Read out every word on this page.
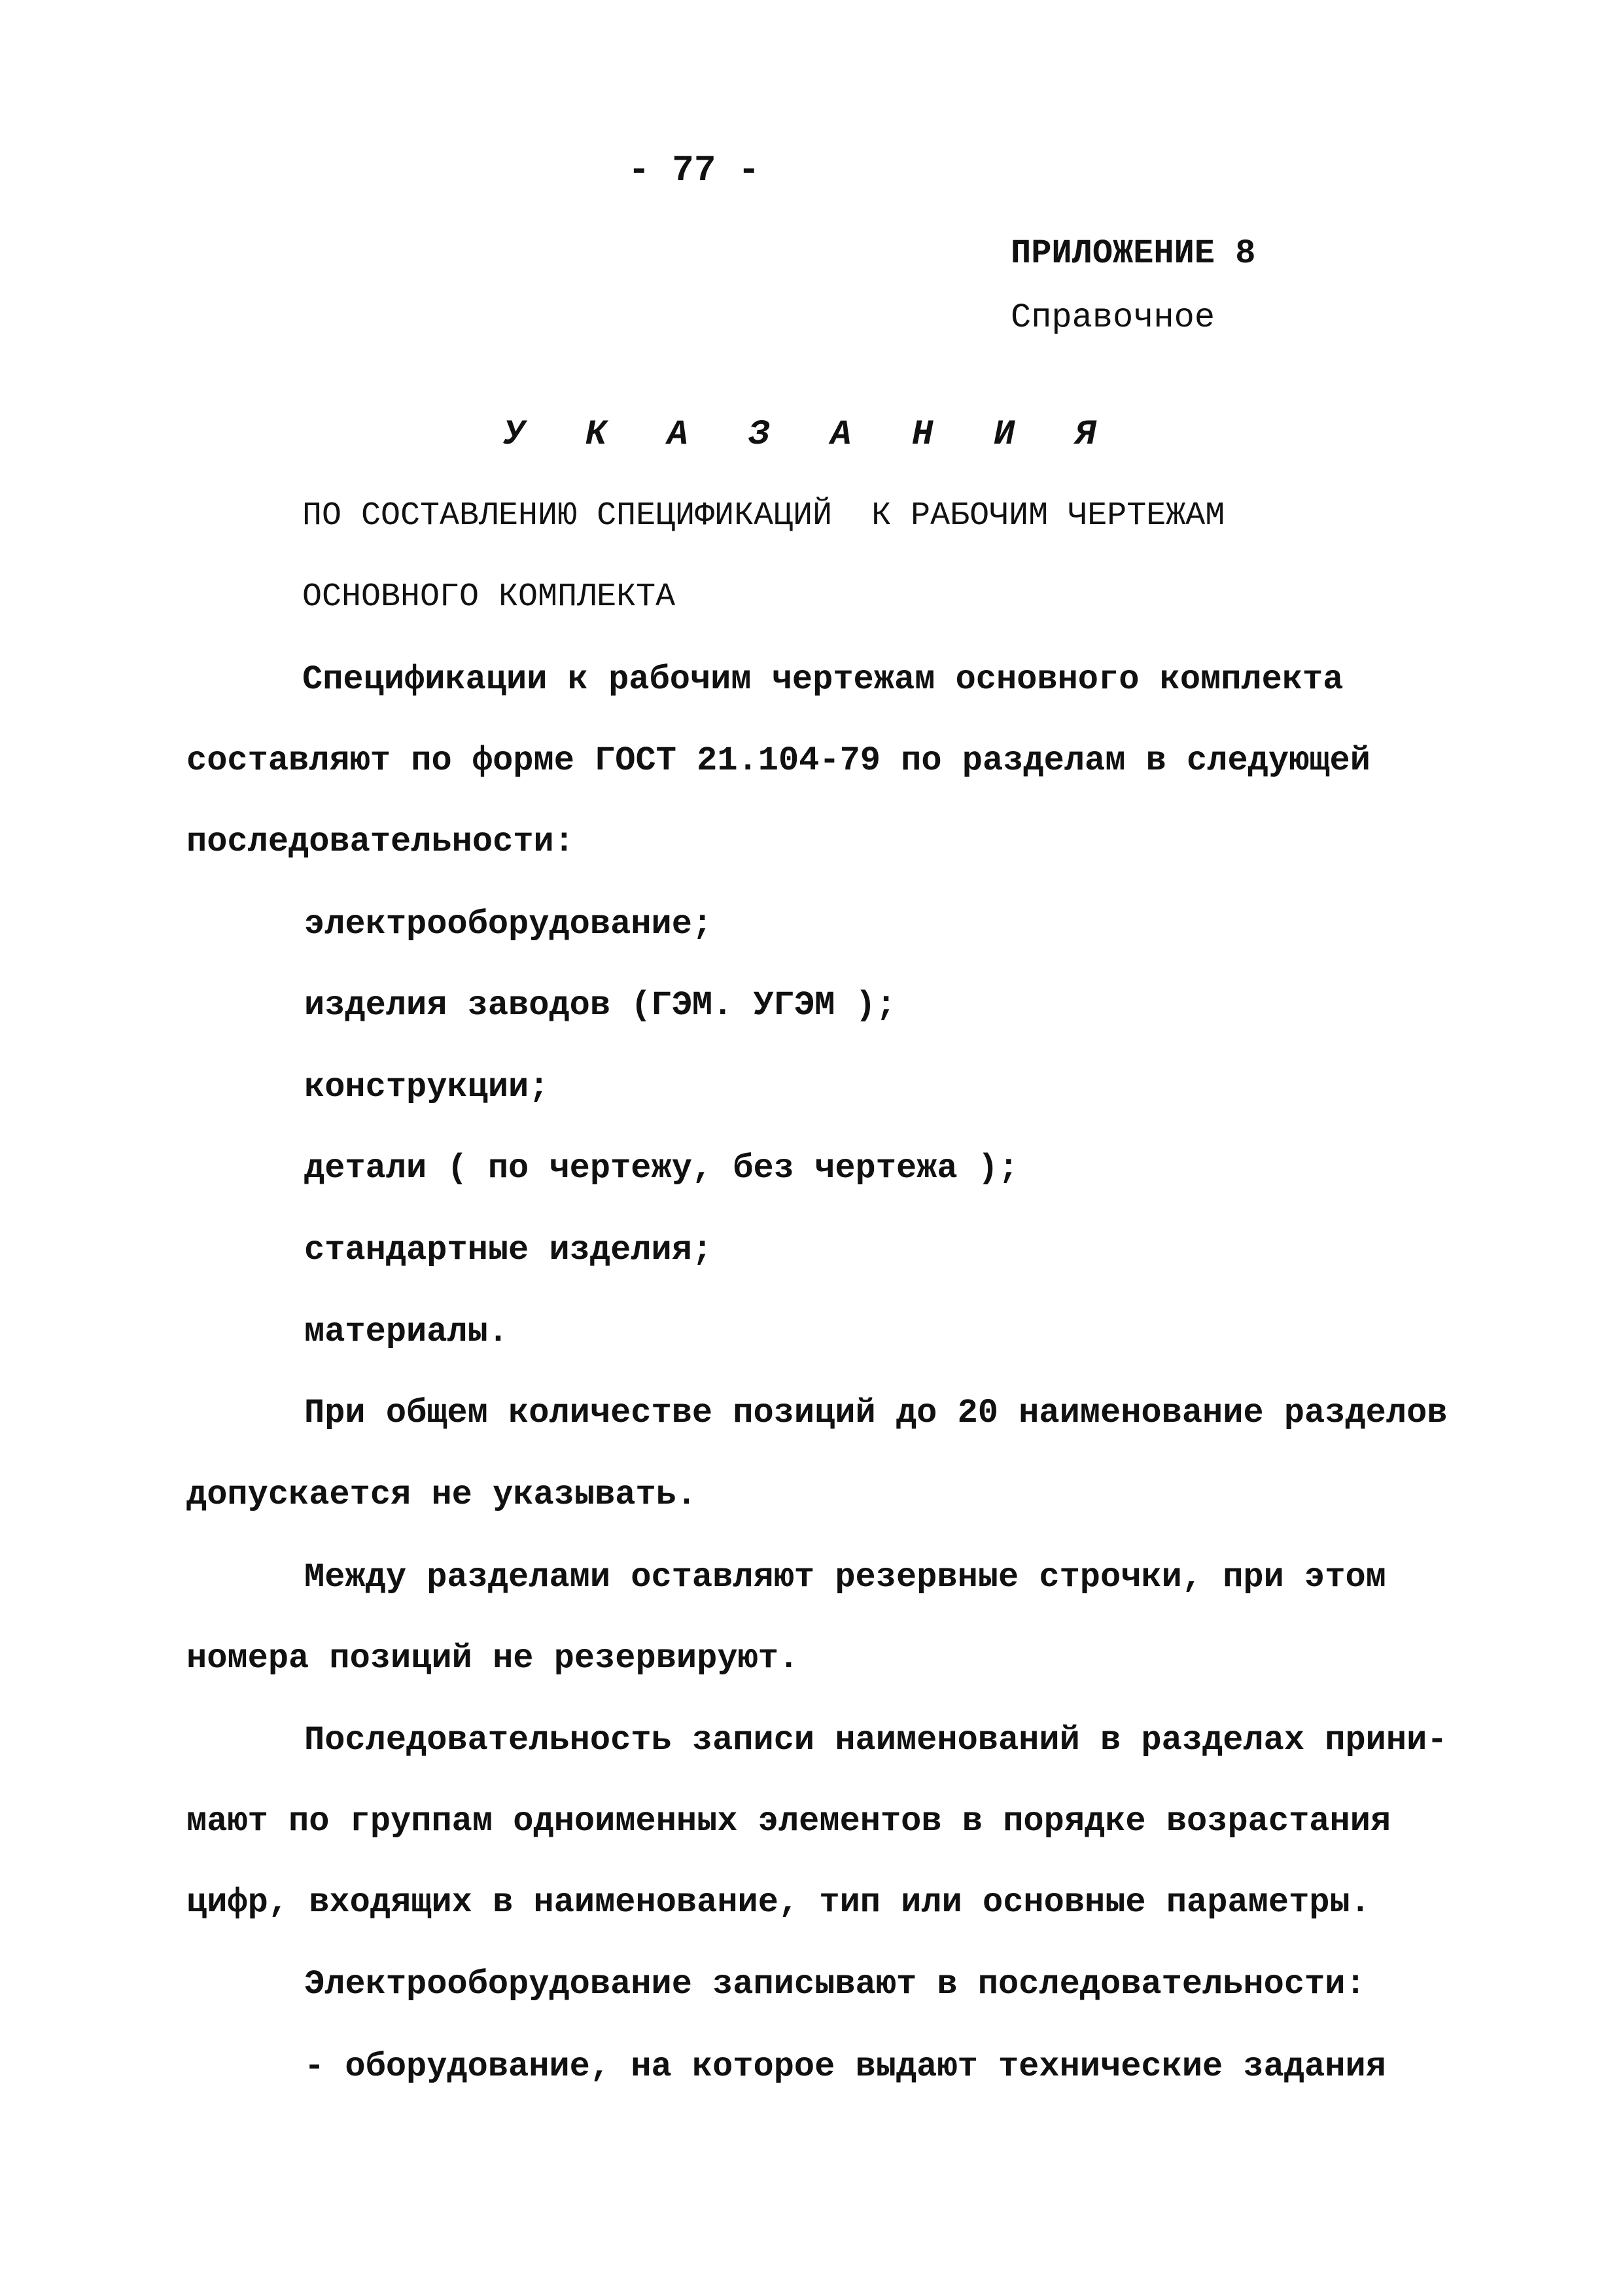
- 77 -
ПРИЛОЖЕНИЕ 8
Справочное
У К А З А Н И Я
ПО СОСТАВЛЕНИЮ СПЕЦИФИКАЦИЙ  К РАБОЧИМ ЧЕРТЕЖАМ
ОСНОВНОГО КОМПЛЕКТА
Спецификации к рабочим чертежам основного комплекта
составляют по форме ГОСТ 21.104-79 по разделам в следующей
последовательности:
электрооборудование;
изделия заводов (ГЭМ. УГЭМ );
конструкции;
детали ( по чертежу, без чертежа );
стандартные изделия;
материалы.
При общем количестве позиций до 20 наименование разделов
допускается не указывать.
Между разделами оставляют резервные строчки, при этом
номера позиций не резервируют.
Последовательность записи наименований в разделах прини-
мают по группам одноименных элементов в порядке возрастания
цифр, входящих в наименование, тип или основные параметры.
Электрооборудование записывают в последовательности:
- оборудование, на которое выдают технические задания
